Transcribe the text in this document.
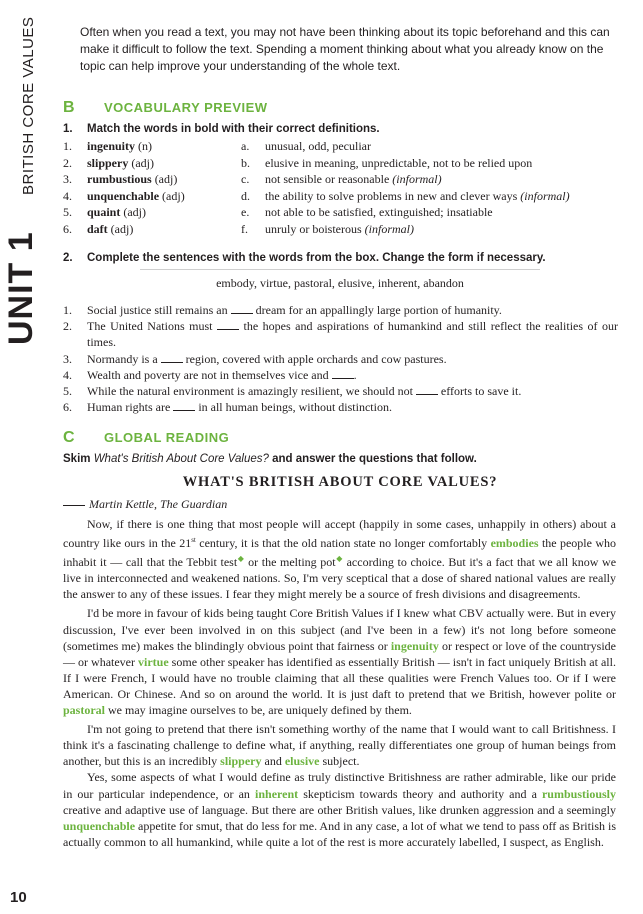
BRITISH CORE VALUES
UNIT 1
10

Often when you read a text, you may not have been thinking about its topic beforehand and this can make it difficult to follow the text. Spending a moment thinking about what you already know on the topic can help improve your understanding of the whole text.

B VOCABULARY PREVIEW
1. Match the words in bold with their correct definitions.
1. ingenuity (n)	a. unusual, odd, peculiar
2. slippery (adj)	b. elusive in meaning, unpredictable, not to be relied upon
3. rumbustious (adj)	c. not sensible or reasonable (informal)
4. unquenchable (adj)	d. the ability to solve problems in new and clever ways (informal)
5. quaint (adj)	e. not able to be satisfied, extinguished; insatiable
6. daft (adj)	f. unruly or boisterous (informal)
2. Complete the sentences with the words from the box. Change the form if necessary.
embody, virtue, pastoral, elusive, inherent, abandon
1. Social justice still remains an  dream for an appallingly large portion of humanity.
2. The United Nations must  the hopes and aspirations of humankind and still reflect the realities of our times.
3. Normandy is a  region, covered with apple orchards and cow pastures.
4. Wealth and poverty are not in themselves vice and .
5. While the natural environment is amazingly resilient, we should not  efforts to save it.
6. Human rights are  in all human beings, without distinction.
C GLOBAL READING
Skim What's British About Core Values? and answer the questions that follow.
WHAT'S BRITISH ABOUT CORE VALUES?
Martin Kettle, The Guardian

Now, if there is one thing that most people will accept (happily in some cases, unhappily in others) about a country like ours in the 21st century, it is that the old nation state no longer comfortably embodies the people who inhabit it — call that the Tebbit test◆ or the melting pot◆ according to choice. But it's a fact that we all know we live in interconnected and weakened nations. So, I'm very sceptical that a dose of shared national values are really the answer to any of these issues. I fear they might merely be a source of fresh divisions and disagreements.

I'd be more in favour of kids being taught Core British Values if I knew what CBV actually were. But in every discussion, I've ever been involved in on this subject (and I've been in a few) it's not long before someone (sometimes me) makes the blindingly obvious point that fairness or ingenuity or respect or love of the countryside — or whatever virtue some other speaker has identified as essentially British — isn't in fact uniquely British at all. If I were French, I would have no trouble claiming that all these qualities were French Values too. Or if I were American. Or Chinese. And so on around the world. It is just daft to pretend that we British, however polite or pastoral we may imagine ourselves to be, are uniquely defined by them.

I'm not going to pretend that there isn't something worthy of the name that I would want to call Britishness. I think it's a fascinating challenge to define what, if anything, really differentiates one group of human beings from another, but this is an incredibly slippery and elusive subject.

Yes, some aspects of what I would define as truly distinctive Britishness are rather admirable, like our pride in our particular independence, or an inherent skepticism towards theory and authority and a rumbustiously creative and adaptive use of language. But there are other British values, like drunken aggression and a seemingly unquenchable appetite for smut, that do less for me. And in any case, a lot of what we tend to pass off as British is actually common to all humankind, while quite a lot of the rest is more accurately labelled, I suspect, as English.
